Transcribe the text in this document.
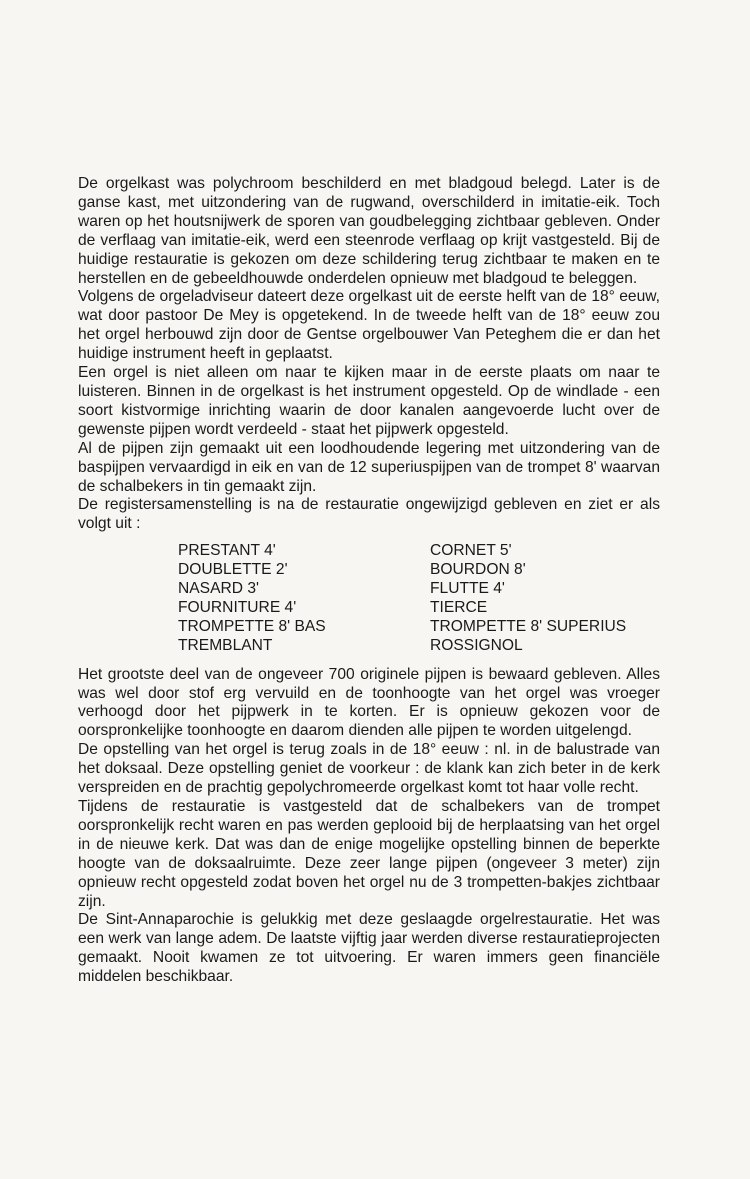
De orgelkast was polychroom beschilderd en met bladgoud belegd. Later is de ganse kast, met uitzondering van de rugwand, overschilderd in imitatie-eik. Toch waren op het houtsnijwerk de sporen van goudbelegging zichtbaar gebleven. Onder de verflaag van imitatie-eik, werd een steenrode verflaag op krijt vastgesteld. Bij de huidige restauratie is gekozen om deze schildering terug zichtbaar te maken en te herstellen en de gebeeldhouwde onderdelen opnieuw met bladgoud te beleggen.

Volgens de orgeladviseur dateert deze orgelkast uit de eerste helft van de 18° eeuw, wat door pastoor De Mey is opgetekend. In de tweede helft van de 18° eeuw zou het orgel herbouwd zijn door de Gentse orgelbouwer Van Peteghem die er dan het huidige instrument heeft in geplaatst.

Een orgel is niet alleen om naar te kijken maar in de eerste plaats om naar te luisteren. Binnen in de orgelkast is het instrument opgesteld. Op de windlade - een soort kistvormige inrichting waarin de door kanalen aangevoerde lucht over de gewenste pijpen wordt verdeeld - staat het pijpwerk opgesteld.

Al de pijpen zijn gemaakt uit een loodhoudende legering met uitzondering van de baspijpen vervaardigd in eik en van de 12 superiuspijpen van de trompet 8' waarvan de schalbekers in tin gemaakt zijn.

De registersamenstelling is na de restauratie ongewijzigd gebleven en ziet er als volgt uit :

PRESTANT 4'	CORNET 5'
DOUBLETTE 2'	BOURDON 8'
NASARD 3'	FLUTTE 4'
FOURNITURE 4'	TIERCE
TROMPETTE 8' BAS	TROMPETTE 8' SUPERIUS
TREMBLANT	ROSSIGNOL

Het grootste deel van de ongeveer 700 originele pijpen is bewaard gebleven. Alles was wel door stof erg vervuild en de toonhoogte van het orgel was vroeger verhoogd door het pijpwerk in te korten. Er is opnieuw gekozen voor de oorspronkelijke toonhoogte en daarom dienden alle pijpen te worden uitgelengd.

De opstelling van het orgel is terug zoals in de 18° eeuw : nl. in de balustrade van het doksaal. Deze opstelling geniet de voorkeur : de klank kan zich beter in de kerk verspreiden en de prachtig gepolychromeerde orgelkast komt tot haar volle recht.

Tijdens de restauratie is vastgesteld dat de schalbekers van de trompet oorspronkelijk recht waren en pas werden geplooid bij de herplaatsing van het orgel in de nieuwe kerk. Dat was dan de enige mogelijke opstelling binnen de beperkte hoogte van de doksaalruimte. Deze zeer lange pijpen (ongeveer 3 meter) zijn opnieuw recht opgesteld zodat boven het orgel nu de 3 trompetten-bakjes zichtbaar zijn.

De Sint-Annaparochie is gelukkig met deze geslaagde orgelrestauratie. Het was een werk van lange adem. De laatste vijftig jaar werden diverse restauratieprojecten gemaakt. Nooit kwamen ze tot uitvoering. Er waren immers geen financiële middelen beschikbaar.
